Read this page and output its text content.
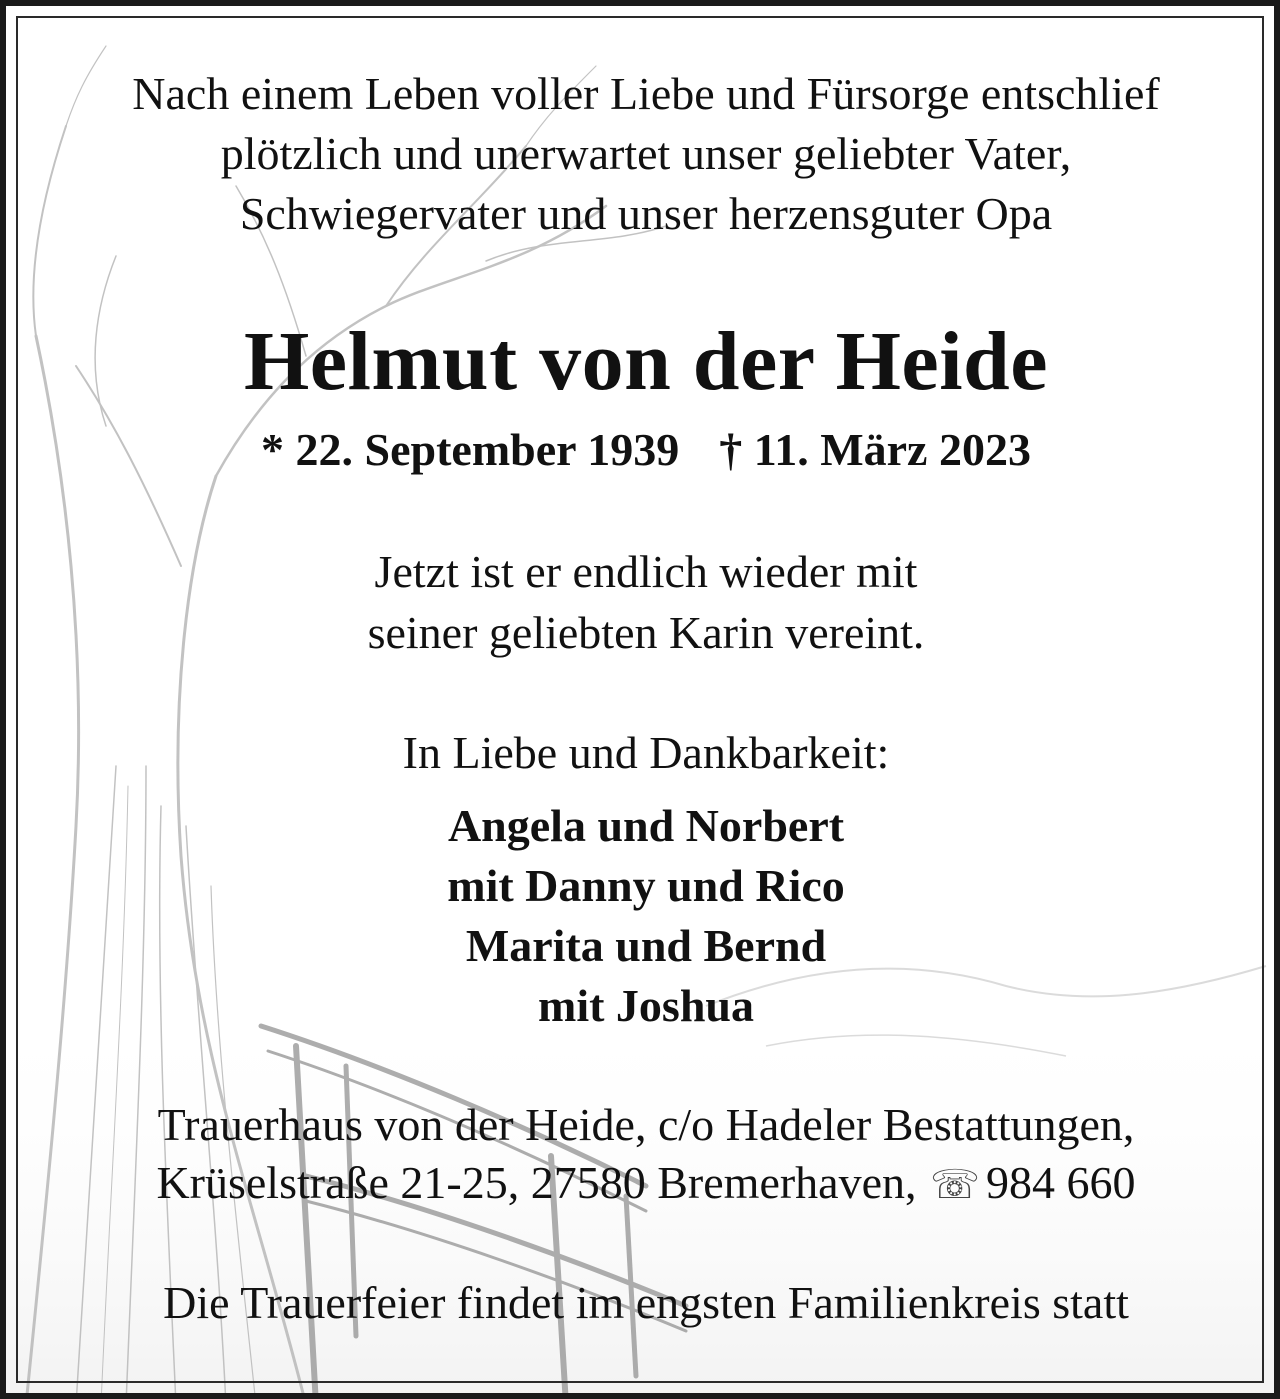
Nach einem Leben voller Liebe und Fürsorge entschlief
plötzlich und unerwartet unser geliebter Vater,
Schwiegervater und unser herzensguter Opa
Helmut von der Heide
* 22. September 1939 † 11. März 2023
Jetzt ist er endlich wieder mit
seiner geliebten Karin vereint.
In Liebe und Dankbarkeit:
Angela und Norbert
mit Danny und Rico
Marita und Bernd
mit Joshua
Trauerhaus von der Heide, c/o Hadeler Bestattungen,
Krüselstraße 21-25, 27580 Bremerhaven, ☏ 984 660
Die Trauerfeier findet im engsten Familienkreis statt
